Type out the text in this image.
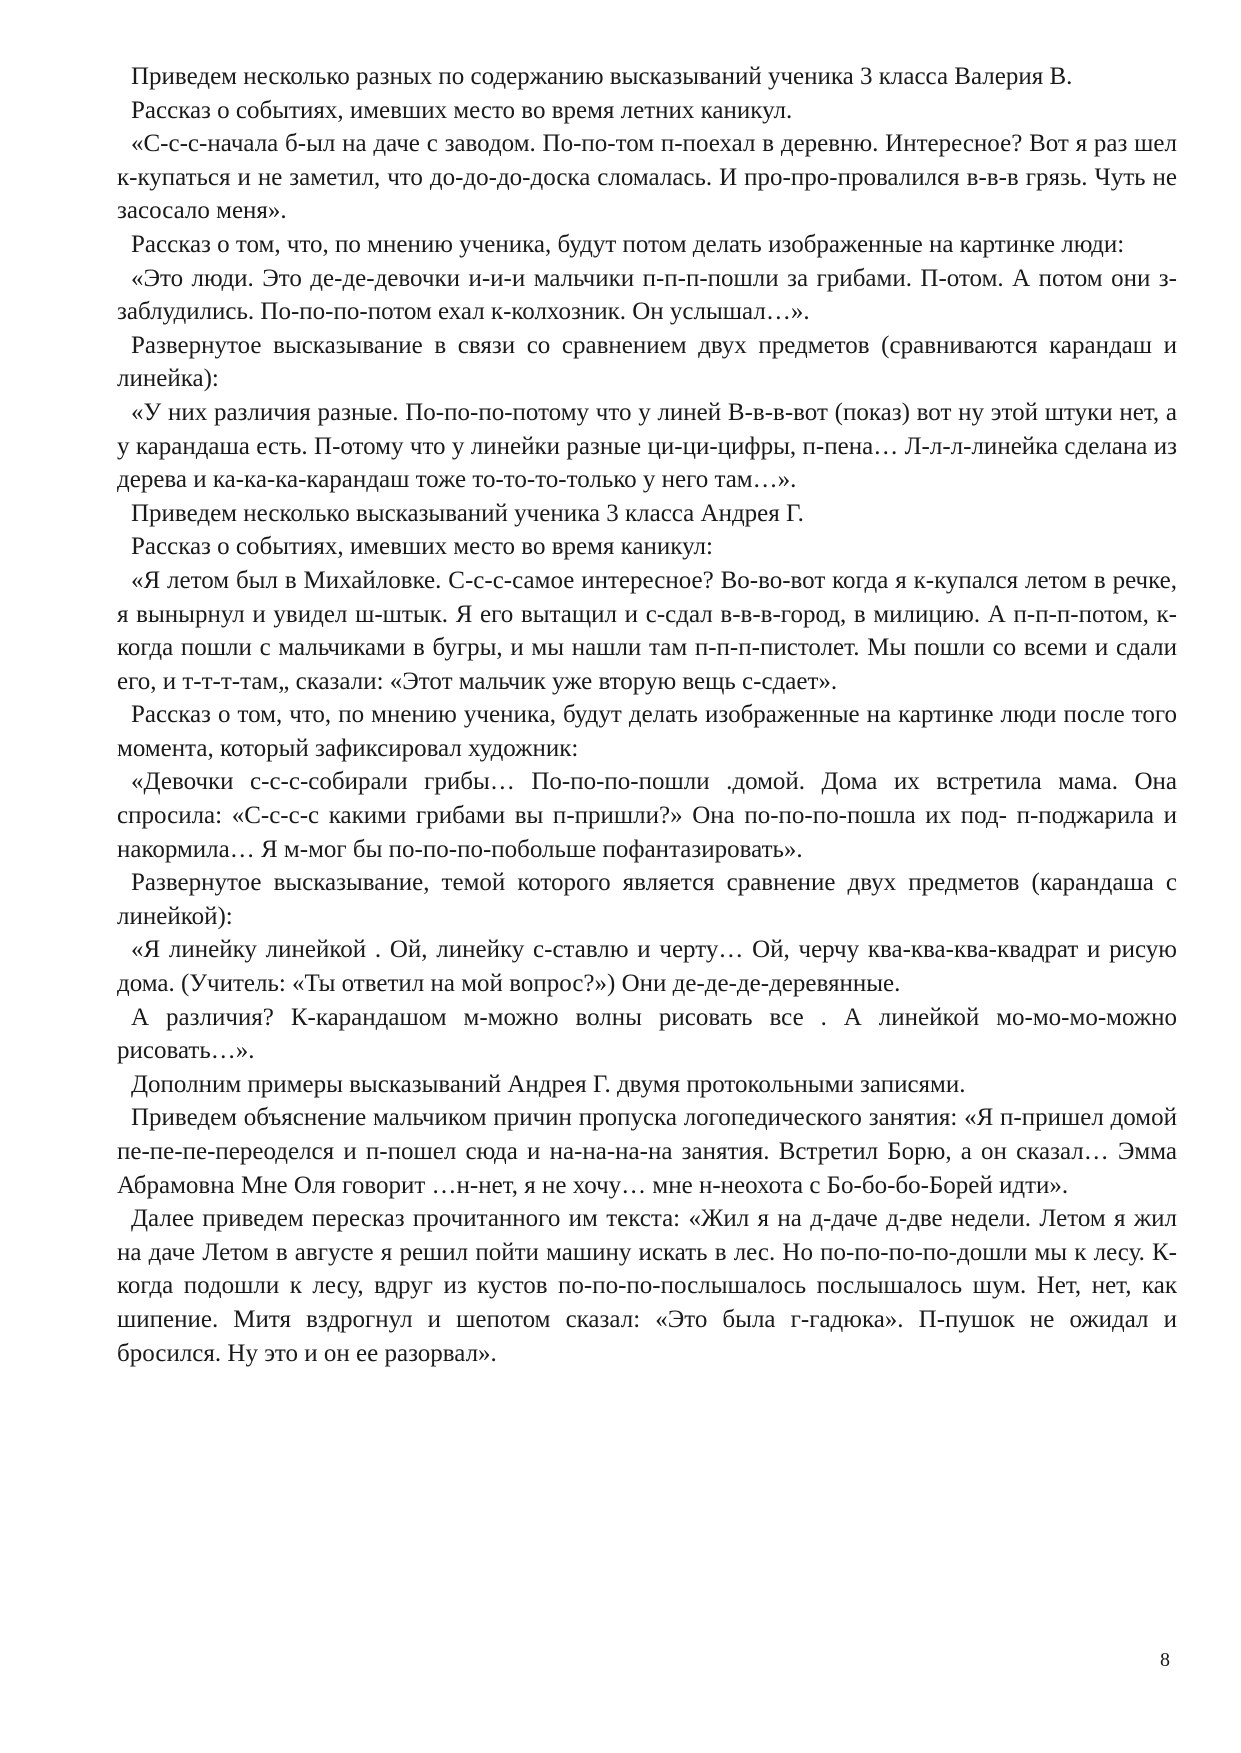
Приведем несколько разных по содержанию высказываний ученика 3 класса Валерия В.

Рассказ о событиях, имевших место во время летних каникул.

«С-с-с-начала б-ыл на даче с заводом. По-по-том п-поехал в деревню. Интересное? Вот я раз шел к-купаться и не заметил, что до-до-до-доска сломалась. И про-про-провалился в-в-в грязь. Чуть не засосало меня».

Рассказ о том, что, по мнению ученика, будут потом делать изображенные на картинке люди:

«Это люди. Это де-де-девочки и-и-и мальчики п-п-п-пошли за грибами. П-отом. А потом они з-заблудились. По-по-по-потом ехал к-колхозник. Он услышал…».

Развернутое высказывание в связи со сравнением двух предметов (сравниваются карандаш и линейка):

«У них различия разные. По-по-по-потому что у линей В-в-в-вот (показ) вот ну этой штуки нет, а у карандаша есть. П-отому что у линейки разные ци-ци-цифры, п-пена… Л-л-л-линейка сделана из дерева и ка-ка-ка-карандаш тоже то-то-то-только у него там…».

Приведем несколько высказываний ученика 3 класса Андрея Г.

Рассказ о событиях, имевших место во время каникул:

«Я летом был в Михайловке. С-с-с-самое интересное? Во-во-вот когда я к-купался летом в речке, я вынырнул и увидел ш-штык. Я его вытащил и с-сдал в-в-в-город, в милицию. А п-п-п-потом, к-когда пошли с мальчиками в бугры, и мы нашли там п-п-п-пистолет. Мы пошли со всеми и сдали его, и т-т-т-там„ сказали: «Этот мальчик уже вторую вещь с-сдает».

Рассказ о том, что, по мнению ученика, будут делать изображенные на картинке люди после того момента, который зафиксировал художник:

«Девочки с-с-с-собирали грибы… По-по-по-пошли .домой. Дома их встретила мама. Она спросила: «С-с-с-с какими грибами вы п-пришли?» Она по-по-по-пошла их под- п-поджарила и накормила… Я м-мог бы по-по-по-побольше пофантазировать».

Развернутое высказывание, темой которого является сравнение двух предметов (карандаша с линейкой):

«Я линейку линейкой . Ой, линейку с-ставлю и черту… Ой, черчу ква-ква-ква-квадрат и рисую дома. (Учитель: «Ты ответил на мой вопрос?») Они де-де-де-деревянные.

А различия? К-карандашом м-можно волны рисовать все . А линейкой мо-мо-мо-можно рисовать…».

Дополним примеры высказываний Андрея Г. двумя протокольными записями.

Приведем объяснение мальчиком причин пропуска логопедического занятия: «Я п-пришел домой пе-пе-пе-переоделся и п-пошел сюда и на-на-на-на занятия. Встретил Борю, а он сказал… Эмма Абрамовна Мне Оля говорит …н-нет, я не хочу… мне н-неохота с Бо-бо-бо-Борей идти».

Далее приведем пересказ прочитанного им текста: «Жил я на д-даче д-две недели. Летом я жил на даче Летом в августе я решил пойти машину искать в лес. Но по-по-по-по-дошли мы к лесу. К-когда подошли к лесу, вдруг из кустов по-по-по-послышалось послышалось шум. Нет, нет, как шипение. Митя вздрогнул и шепотом сказал: «Это была г-гадюка». П-пушок не ожидал и бросился. Ну это и он ее разорвал».

8
